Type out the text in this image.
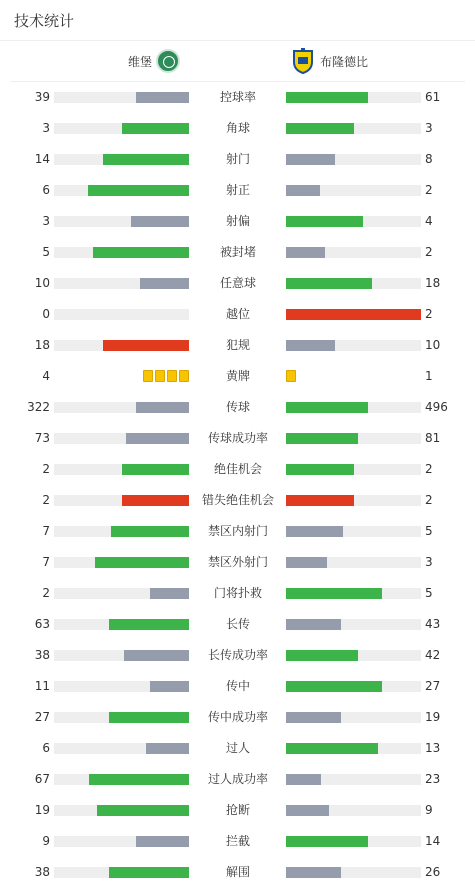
技术统计
维堡	布隆德比
39	控球率	61
3	角球	3
14	射门	8
6	射正	2
3	射偏	4
5	被封堵	2
10	任意球	18
0	越位	2
18	犯规	10
4	黄牌	1
322	传球	496
73	传球成功率	81
2	绝佳机会	2
2	错失绝佳机会	2
7	禁区内射门	5
7	禁区外射门	3
2	门将扑救	5
63	长传	43
38	长传成功率	42
11	传中	27
27	传中成功率	19
6	过人	13
67	过人成功率	23
19	抢断	9
9	拦截	14
38	解围	26
